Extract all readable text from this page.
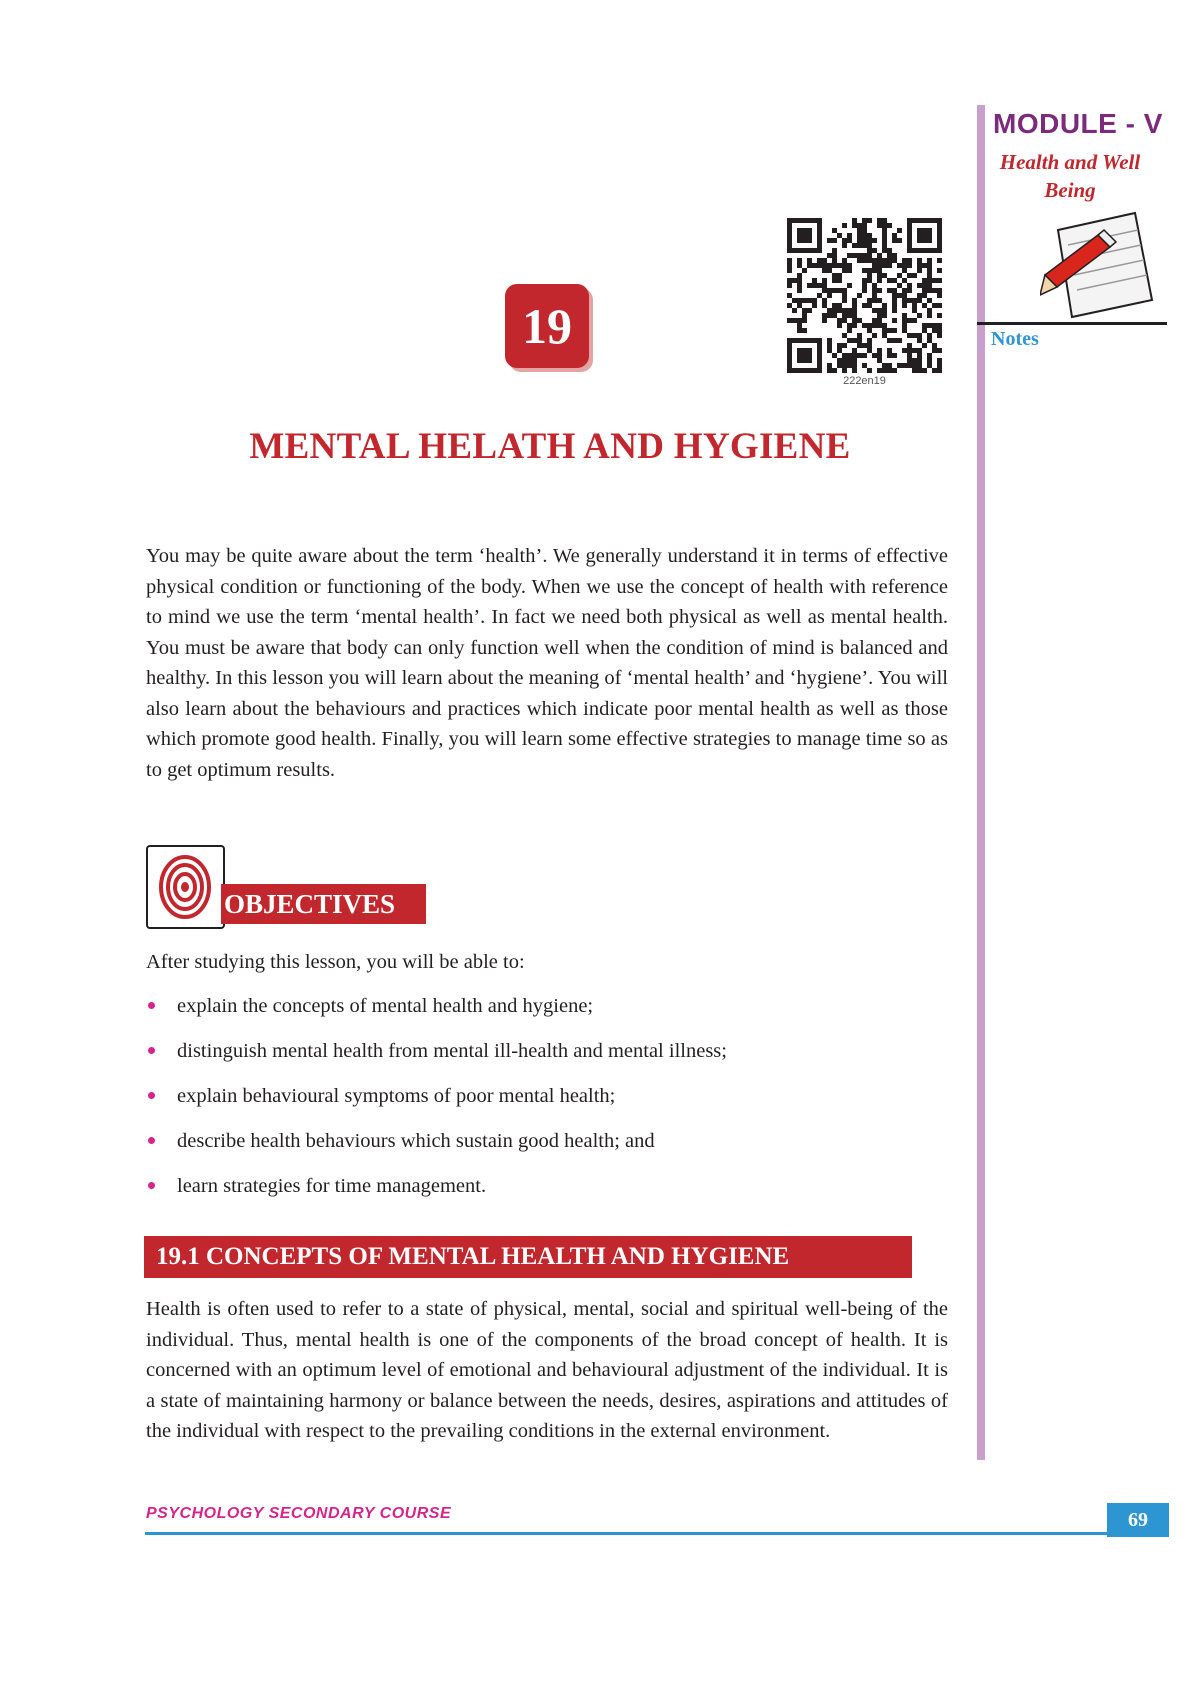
MODULE - V
Health and Well
Being
Notes
222en19
19
MENTAL HELATH AND HYGIENE
You may be quite aware about the term ‘health’. We generally understand it in terms of effective physical condition or functioning of the body. When we use the concept of health with reference to mind we use the term ‘mental health’. In fact we need both physical as well as mental health. You must be aware that body can only function well when the condition of mind is balanced and healthy. In this lesson you will learn about the meaning of ‘mental health’ and ‘hygiene’. You will also learn about the behaviours and practices which indicate poor mental health as well as those which promote good health. Finally, you will learn some effective strategies to manage time so as to get optimum results.
OBJECTIVES
After studying this lesson, you will be able to:
explain the concepts of mental health and hygiene;
distinguish mental health from mental ill-health and mental illness;
explain behavioural symptoms of poor mental health;
describe health behaviours which sustain good health; and
learn strategies for time management.
19.1 CONCEPTS OF MENTAL HEALTH AND HYGIENE
Health is often used to refer to a state of physical, mental, social and spiritual well-being of the individual. Thus, mental health is one of the components of the broad concept of health. It is concerned with an optimum level of emotional and behavioural adjustment of the individual. It is a state of maintaining harmony or balance between the needs, desires, aspirations and attitudes of the individual with respect to the prevailing conditions in the external environment.
PSYCHOLOGY SECONDARY COURSE	69
